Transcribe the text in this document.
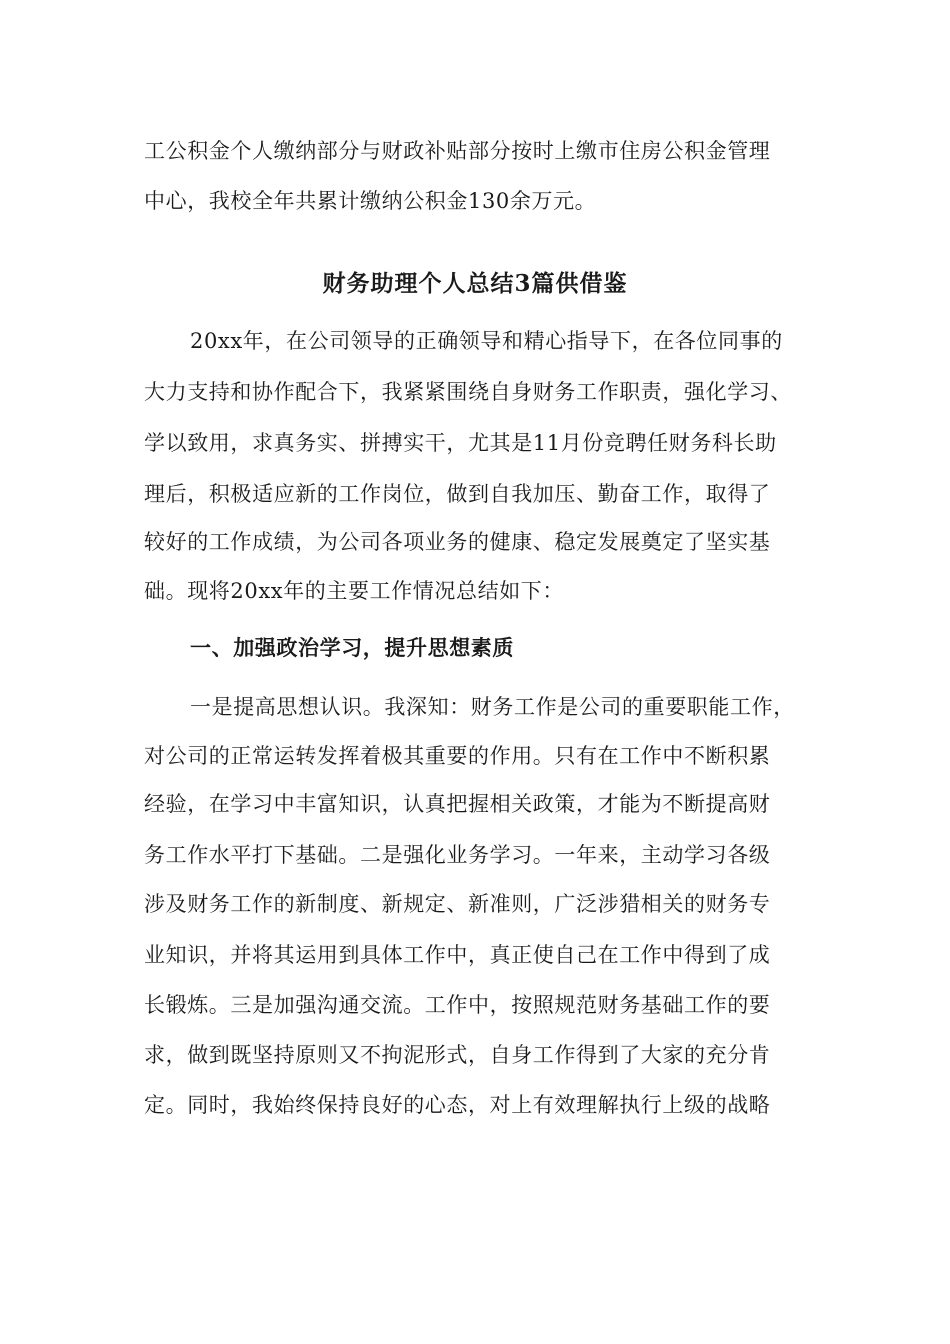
工公积金个人缴纳部分与财政补贴部分按时上缴市住房公积金管理
中心，我校全年共累计缴纳公积金130余万元。
财务助理个人总结3篇供借鉴
20xx年，在公司领导的正确领导和精心指导下，在各位同事的
大力支持和协作配合下，我紧紧围绕自身财务工作职责，强化学习、
学以致用，求真务实、拼搏实干，尤其是11月份竞聘任财务科长助
理后，积极适应新的工作岗位，做到自我加压、勤奋工作，取得了
较好的工作成绩，为公司各项业务的健康、稳定发展奠定了坚实基
础。现将20xx年的主要工作情况总结如下：
一、加强政治学习，提升思想素质
一是提高思想认识。我深知：财务工作是公司的重要职能工作，
对公司的正常运转发挥着极其重要的作用。只有在工作中不断积累
经验，在学习中丰富知识，认真把握相关政策，才能为不断提高财
务工作水平打下基础。二是强化业务学习。一年来，主动学习各级
涉及财务工作的新制度、新规定、新准则，广泛涉猎相关的财务专
业知识，并将其运用到具体工作中，真正使自己在工作中得到了成
长锻炼。三是加强沟通交流。工作中，按照规范财务基础工作的要
求，做到既坚持原则又不拘泥形式，自身工作得到了大家的充分肯
定。同时，我始终保持良好的心态，对上有效理解执行上级的战略
